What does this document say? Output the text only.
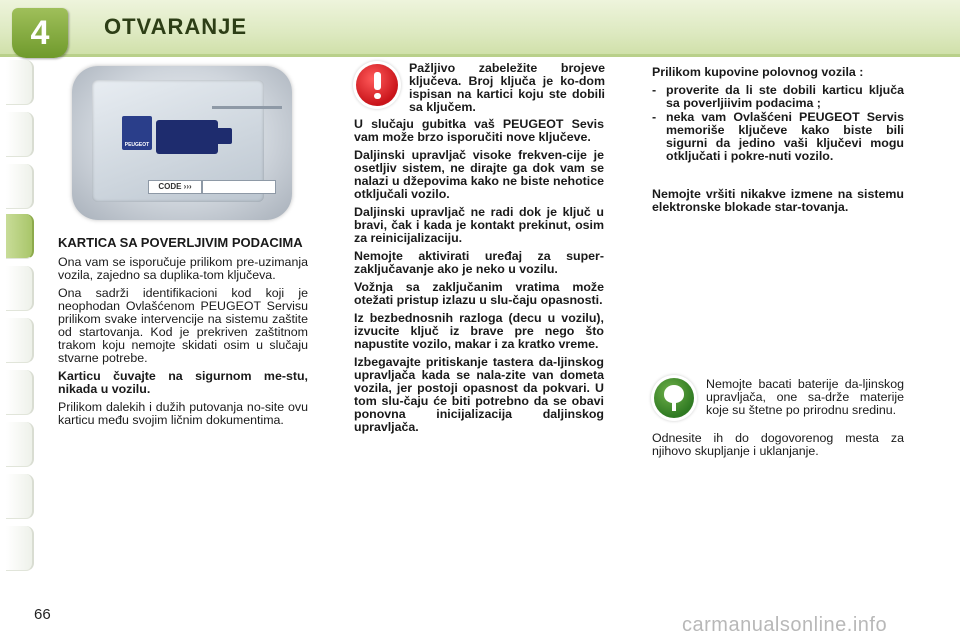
4	OTVARANJE
PEUGEOT
CODE ›››

KARTICA SA POVERLJIVIM PODACIMA

Ona vam se isporučuje prilikom pre-uzimanja vozila, zajedno sa duplika-tom ključeva.

Ona sadrži identifikacioni kod koji je neophodan Ovlašćenom PEUGEOT Servisu prilikom svake intervencije na sistemu zaštite od startovanja. Kod je prekriven zaštitnom trakom koju nemojte skidati osim u slučaju stvarne potrebe.

Karticu čuvajte na sigurnom me-stu, nikada u vozilu.

Prilikom dalekih i dužih putovanja no-site ovu karticu među svojim ličnim dokumentima.

Pažljivo zabeležite brojeve ključeva. Broj ključa je ko-dom ispisan na kartici koju ste dobili sa ključem.

U slučaju gubitka vaš PEUGEOT Sevis vam može brzo isporučiti nove ključeve.

Daljinski upravljač visoke frekven-cije je osetljiv sistem, ne dirajte ga dok vam se nalazi u džepovima kako ne biste nehotice otključali vozilo.

Daljinski upravljač ne radi dok je ključ u bravi, čak i kada je kontakt prekinut, osim za reinicijalizaciju.

Nemojte aktivirati uređaj za super-zaključavanje ako je neko u vozilu.

Vožnja sa zaključanim vratima može otežati pristup izlazu u slu-čaju opasnosti.

Iz bezbednosnih razloga (decu u vozilu), izvucite ključ iz brave pre nego što napustite vozilo, makar i za kratko vreme.

Izbegavajte pritiskanje tastera da-ljinskog upravljača kada se nala-zite van dometa vozila, jer postoji opasnost da pokvari. U tom slu-čaju će biti potrebno da se obavi ponovna inicijalizacija daljinskog upravljača.

Prilikom kupovine polovnog vozila :

- proverite da li ste dobili karticu ključa sa poverljiivim podacima ;
- neka vam Ovlašćeni PEUGEOT Servis memoriše ključeve kako biste bili sigurni da jedino vaši ključevi mogu otključati i pokre-nuti vozilo.

Nemojte vršiti nikakve izmene na sistemu elektronske blokade star-tovanja.

Nemojte bacati baterije da-ljinskog upravljača, one sa-drže materije koje su štetne po prirodnu sredinu.

Odnesite ih do dogovorenog mesta za njihovo skupljanje i uklanjanje.

66	carmanualsonline.info
